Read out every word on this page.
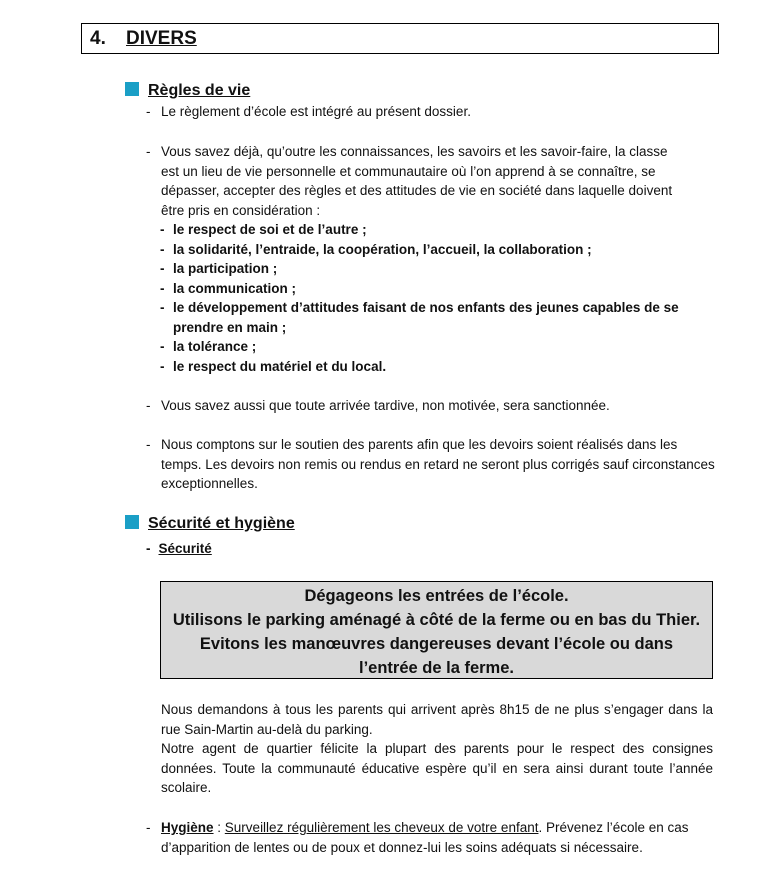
4. DIVERS
Règles de vie
- Le règlement d’école est intégré au présent dossier.
- Vous savez déjà, qu’outre les connaissances, les savoirs et les savoir-faire, la classe
est un lieu de vie personnelle et communautaire où l’on apprend à se connaître, se
dépasser, accepter des règles et des attitudes de vie en société dans laquelle doivent
être pris en considération :
- le respect de soi et de l’autre ;
- la solidarité, l’entraide, la coopération, l’accueil, la collaboration ;
- la participation ;
- la communication ;
- le développement d’attitudes faisant de nos enfants des jeunes capables de se prendre en main ;
- la tolérance ;
- le respect du matériel et du local.
- Vous savez aussi que toute arrivée tardive, non motivée, sera sanctionnée.
- Nous comptons sur le soutien des parents afin que les devoirs soient réalisés dans les temps. Les devoirs non remis ou rendus en retard ne seront plus corrigés sauf circonstances exceptionnelles.
Sécurité et hygiène
- Sécurité
Dégageons les entrées de l’école.
Utilisons le parking aménagé à côté de la ferme ou en bas du Thier.
Evitons les manœuvres dangereuses devant l’école ou dans
l’entrée de la ferme.
Nous demandons à tous les parents qui arrivent après 8h15 de ne plus s’engager dans la rue Sain-Martin au-delà du parking.
Notre agent de quartier félicite la plupart des parents pour le respect des consignes données. Toute la communauté éducative espère qu’il en sera ainsi durant toute l’année scolaire.
- Hygiène : Surveillez régulièrement les cheveux de votre enfant. Prévenez l’école en cas d’apparition de lentes ou de poux et donnez-lui les soins adéquats si nécessaire.
